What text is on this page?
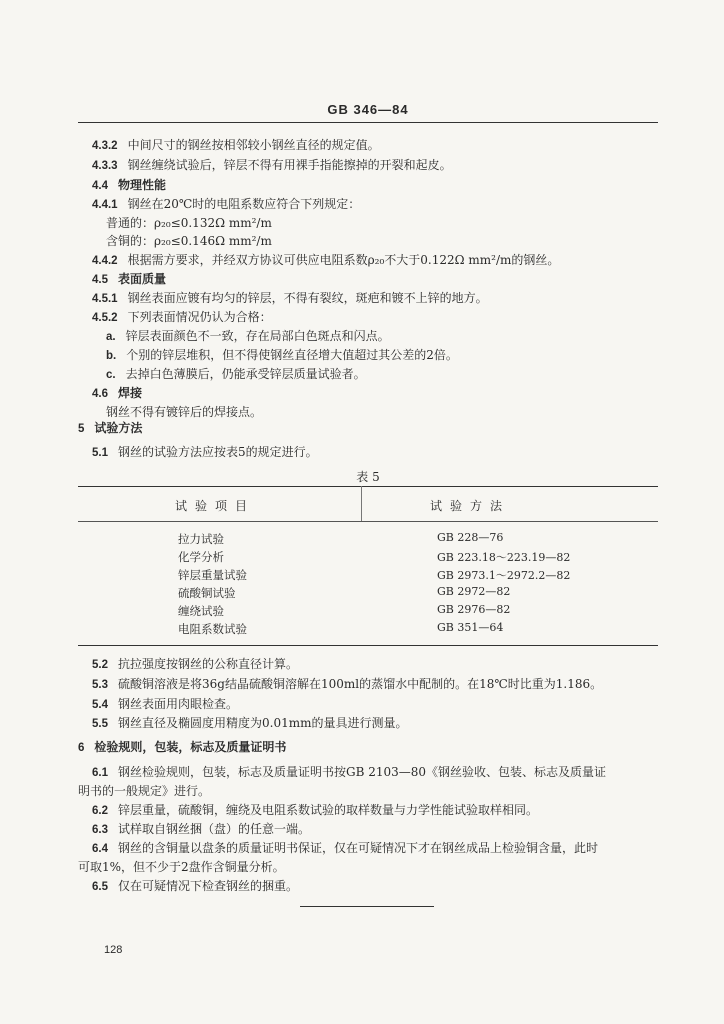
GB 346—84
4.3.2 中间尺寸的钢丝按相邻较小钢丝直径的规定值。
4.3.3 钢丝缠绕试验后，锌层不得有用裸手指能擦掉的开裂和起皮。
4.4 物理性能
4.4.1 钢丝在20℃时的电阻系数应符合下列规定：
普通的：ρ₂₀≤0.132Ω mm²/m
含铜的：ρ₂₀≤0.146Ω mm²/m
4.4.2 根据需方要求，并经双方协议可供应电阻系数ρ₂₀不大于0.122Ω mm²/m的钢丝。
4.5 表面质量
4.5.1 钢丝表面应镀有均匀的锌层，不得有裂纹，斑疤和镀不上锌的地方。
4.5.2 下列表面情况仍认为合格：
a. 锌层表面颜色不一致，存在局部白色斑点和闪点。
b. 个别的锌层堆积，但不得使钢丝直径增大值超过其公差的2倍。
c. 去掉白色薄膜后，仍能承受锌层质量试验者。
4.6 焊接
钢丝不得有镀锌后的焊接点。
5 试验方法
5.1 钢丝的试验方法应按表5的规定进行。
表 5
试验项目	试验方法
拉力试验	GB 228—76
化学分析	GB 223.18～223.19—82
锌层重量试验	GB 2973.1～2972.2—82
硫酸铜试验	GB 2972—82
缠绕试验	GB 2976—82
电阻系数试验	GB 351—64
5.2 抗拉强度按钢丝的公称直径计算。
5.3 硫酸铜溶液是将36g结晶硫酸铜溶解在100ml的蒸馏水中配制的。在18℃时比重为1.186。
5.4 钢丝表面用肉眼检查。
5.5 钢丝直径及椭圆度用精度为0.01mm的量具进行测量。
6 检验规则，包装，标志及质量证明书
6.1 钢丝检验规则，包装，标志及质量证明书按GB 2103—80《钢丝验收、包装、标志及质量证
明书的一般规定》进行。
6.2 锌层重量，硫酸铜，缠绕及电阻系数试验的取样数量与力学性能试验取样相同。
6.3 试样取自钢丝捆（盘）的任意一端。
6.4 钢丝的含铜量以盘条的质量证明书保证，仅在可疑情况下才在钢丝成品上检验铜含量，此时
可取1%，但不少于2盘作含铜量分析。
6.5 仅在可疑情况下检查钢丝的捆重。
128
